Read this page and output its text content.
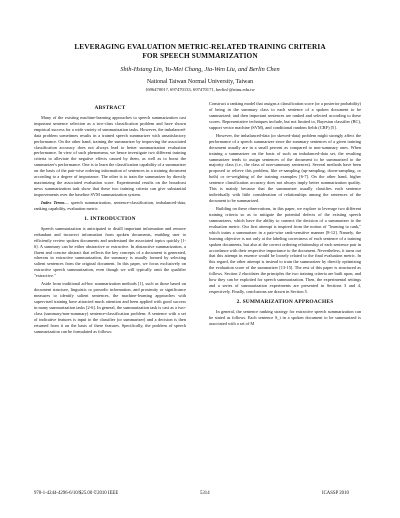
LEVERAGING EVALUATION METRIC-RELATED TRAINING CRITERIA
FOR SPEECH SUMMARIZATION
Shih-Hsiang Lin, Yu-Mei Chang, Jia-Wen Liu, and Berlin Chen
National Taiwan Normal University, Taiwan
{69647001?, 697470133, 697470171, berlin}@ntnu.edu.tw
ABSTRACT

Many of the existing machine-learning approaches to speech summarization cast important sentence selection as a two-class classification problem and have shown empirical success for a wide variety of summarization tasks. However, the imbalanced-data problem sometimes results in a trained speech summarizer with unsatisfactory performance. On the other hand, training the summarizer by improving the associated classification accuracy does not always lead to better summarization evaluation performance. In view of such phenomena, we hence investigate two different training criteria to alleviate the negative effects caused by them, as well as to boost the summarizer's performance. One is to learn the classification capability of a summarizer on the basis of the pair-wise ordering information of sentences in a training document according to a degree of importance. The other is to train the summarizer by directly maximizing the associated evaluation score. Experimental results on the broadcast news summarization task show that these two training criteria can give substantial improvements over the baseline SVM summarization system.

Index Terms— speech summarization, sentence-classification, imbalanced-data, ranking capability, evaluation metric

1. INTRODUCTION

Speech summarization is anticipated to distill important information and remove redundant and incorrect information from spoken documents, enabling user to efficiently review spoken documents and understand the associated topics quickly [1-6]. A summary can be either abstractive or extractive. In abstractive summarization, a fluent and concise abstract that reflects the key concepts of a document is generated, whereas in extractive summarization, the summary is usually formed by selecting salient sentences from the original document. In this paper, we focus exclusively on extractive speech summarization, even though we will typically omit the qualifier "extractive."

Aside from traditional ad-hoc summarization methods [1], such as those based on document structure, linguistic or prosodic information, and proximity or significance measures to identify salient sentences, the machine-learning approaches with supervised training have attracted much attention and been applied with good success in many summarization tasks [2-6]. In general, the summarization task is cast as a two-class (summary/non-summary) sentence-classification problem: A sentence with a set of indicative features is input to the classifier (or summarizer) and a decision is then returned from it on the basis of these features. Specifically, the problem of speech summarization can be formulated as follows:

Construct a ranking model that assigns a classification score (or a posterior probability) of being in the summary class to each sentence of a spoken document to be summarized; and then important sentences are ranked and selected according to these scores. Representative techniques include, but not limited to, Bayesian classifier (BC), support vector machine (SVM), and conditional random fields (CRF) [5].

However, the imbalanced-data (or skewed-data) problem might strongly affect the performance of a speech summarizer since the summary sentences of a given training document usually are in a small percent as compared to non-summary ones. When training a summarizer on the basis of such an imbalanced-data set, the resulting summarizer tends to assign sentences of the document to be summarized to the majority class (i.e., the class of non-summary sentences). Several methods have been proposed to relieve this problem, like re-sampling (up-sampling, down-sampling, or both) or re-weighting of the training examples [6-7]. On the other hand, higher sentence classification accuracy does not always imply better summarization quality. This is mainly because that the summarizer usually classifies each sentence individually with little consideration of relationships among the sentences of the document to be summarized.

Building on these observations, in this paper, we explore to leverage two different training criteria so as to mitigate the potential defects of the existing speech summarizers, which have the ability to connect the decision of a summarizer to the evaluation metric. Our first attempt is inspired from the notion of "learning to rank," which trains a summarizer in a pair-wise rank-sensitive manner [8-12]. Namely, the learning objective is not only at the labeling correctness of each sentence of a training spoken documents, but also at the correct ordering relationship of each sentence pair in accordance with their respective importance to the document. Nevertheless, it turns out that this attempt in essence would be loosely related to the final evaluation metric. In this regard, the other attempt is instead to train the summarizer by directly optimizing the evaluation score of the summarizer [13-15]. The rest of this paper is structured as follows. Section 2 elucidates the principles the two training criteria are built upon, and how they can be exploited for speech summarization. Then, the experimental settings and a series of summarization experiments are presented in Sections 3 and 4, respectively. Finally, conclusions are drawn in Section 5.

2. SUMMARIZATION APPROACHES

In general, the sentence ranking strategy for extractive speech summarization can be stated as follows. Each sentence S_i in a spoken document to be summarized is associated with a set of M

978-1-4244-4296-6/10/$25.00 ©2010 IEEE	5314	ICASSP 2010
